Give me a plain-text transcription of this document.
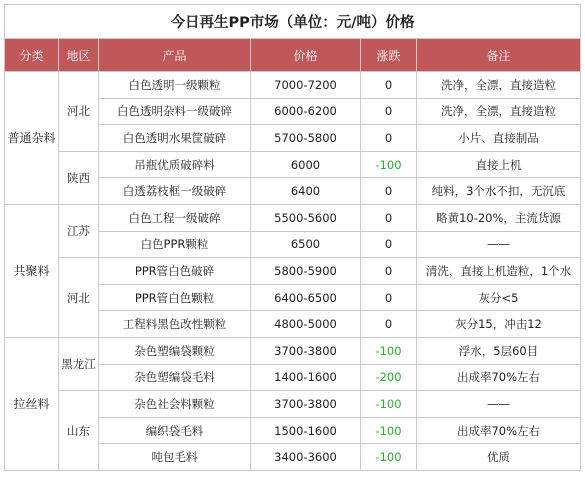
今日再生PP市场（单位：元/吨）价格					
分类	地区	产品	价格	涨跌	备注
普通杂料	河北	白色透明一级颗粒	7000-7200	0	洗净，全漂，直接造粒
		白色透明杂料一级破碎	6000-6200	0	洗净，全漂，直接造粒
		白色透明水果筐破碎	5700-5800	0	小片、直接制品
	陕西	吊瓶优质破碎料	6000	-100	直接上机
		白透荔枝框一级破碎	6400	0	纯料，3个水不扣，无沉底
共聚料	江苏	白色工程一级破碎	5500-5600	0	略黄10-20%，主流货源
		白色PPR颗粒	6500	0	——
	河北	PPR管白色破碎	5800-5900	0	清洗，直接上机造粒，1个水
		PPR管白色颗粒	6400-6500	0	灰分<5
		工程料黑色改性颗粒	4800-5000	0	灰分15，冲击12
拉丝料	黑龙江	杂色塑编袋颗粒	3700-3800	-100	浮水，5层60目
		杂色塑编袋毛料	1400-1600	-200	出成率70%左右
	山东	杂色社会料颗粒	3700-3800	-100	——
		编织袋毛料	1500-1600	-100	出成率70%左右
		吨包毛料	3400-3600	-100	优质
